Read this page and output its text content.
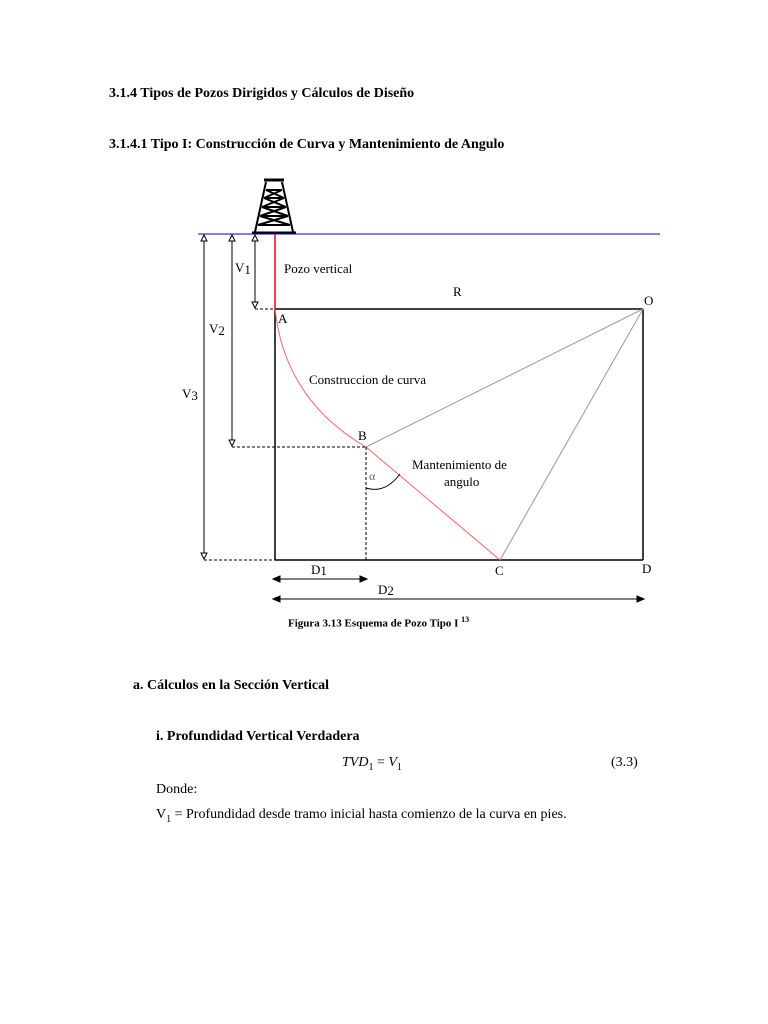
3.1.4 Tipos de Pozos Dirigidos y Cálculos de Diseño
3.1.4.1 Tipo I: Construcción de Curva y Mantenimiento de Angulo
V1	Pozo vertical
R
O
A
V2
Construccion de curva
V3
B
α
Mantenimiento de
angulo
D1	C	D
D2
Figura 3.13 Esquema de Pozo Tipo I $^{13}$
a. Cálculos en la Sección Vertical
i. Profundidad Vertical Verdadera
$TVD_1 = V_1$	(3.3)
Donde:
$V_1$ = Profundidad desde tramo inicial hasta comienzo de la curva en pies.
